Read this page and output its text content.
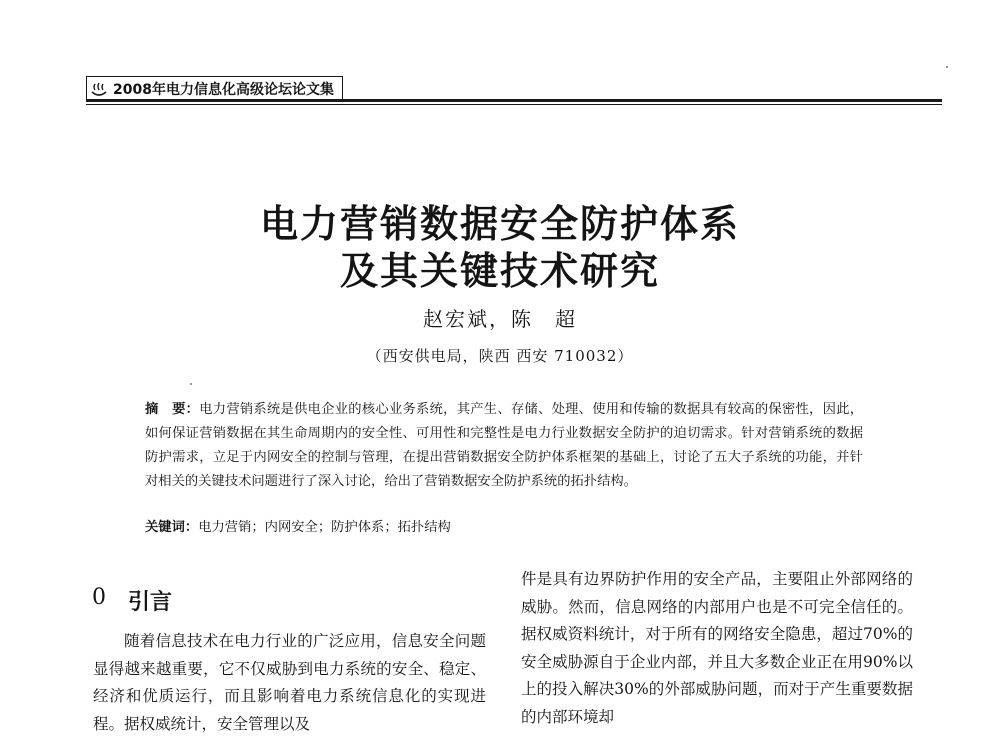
2008年电力信息化高级论坛论文集
电力营销数据安全防护体系
及其关键技术研究
赵宏斌，陈　超
（西安供电局，陕西 西安 710032）
摘　要：电力营销系统是供电企业的核心业务系统，其产生、存储、处理、使用和传输的数据具有较高的保密性，因此，如何保证营销数据在其生命周期内的安全性、可用性和完整性是电力行业数据安全防护的迫切需求。针对营销系统的数据防护需求，立足于内网安全的控制与管理，在提出营销数据安全防护体系框架的基础上，讨论了五大子系统的功能，并针对相关的关键技术问题进行了深入讨论，给出了营销数据安全防护系统的拓扑结构。
关键词：电力营销；内网安全；防护体系；拓扑结构
0 引言
随着信息技术在电力行业的广泛应用，信息安全问题显得越来越重要，它不仅威胁到电力系统的安全、稳定、经济和优质运行，而且影响着电力系统信息化的实现进程。据权威统计，安全管理以及
件是具有边界防护作用的安全产品，主要阻止外部网络的威胁。然而，信息网络的内部用户也是不可完全信任的。据权威资料统计，对于所有的网络安全隐患，超过70%的安全威胁源自于企业内部，并且大多数企业正在用90%以上的投入解决30%的外部威胁问题，而对于产生重要数据的内部环境却
